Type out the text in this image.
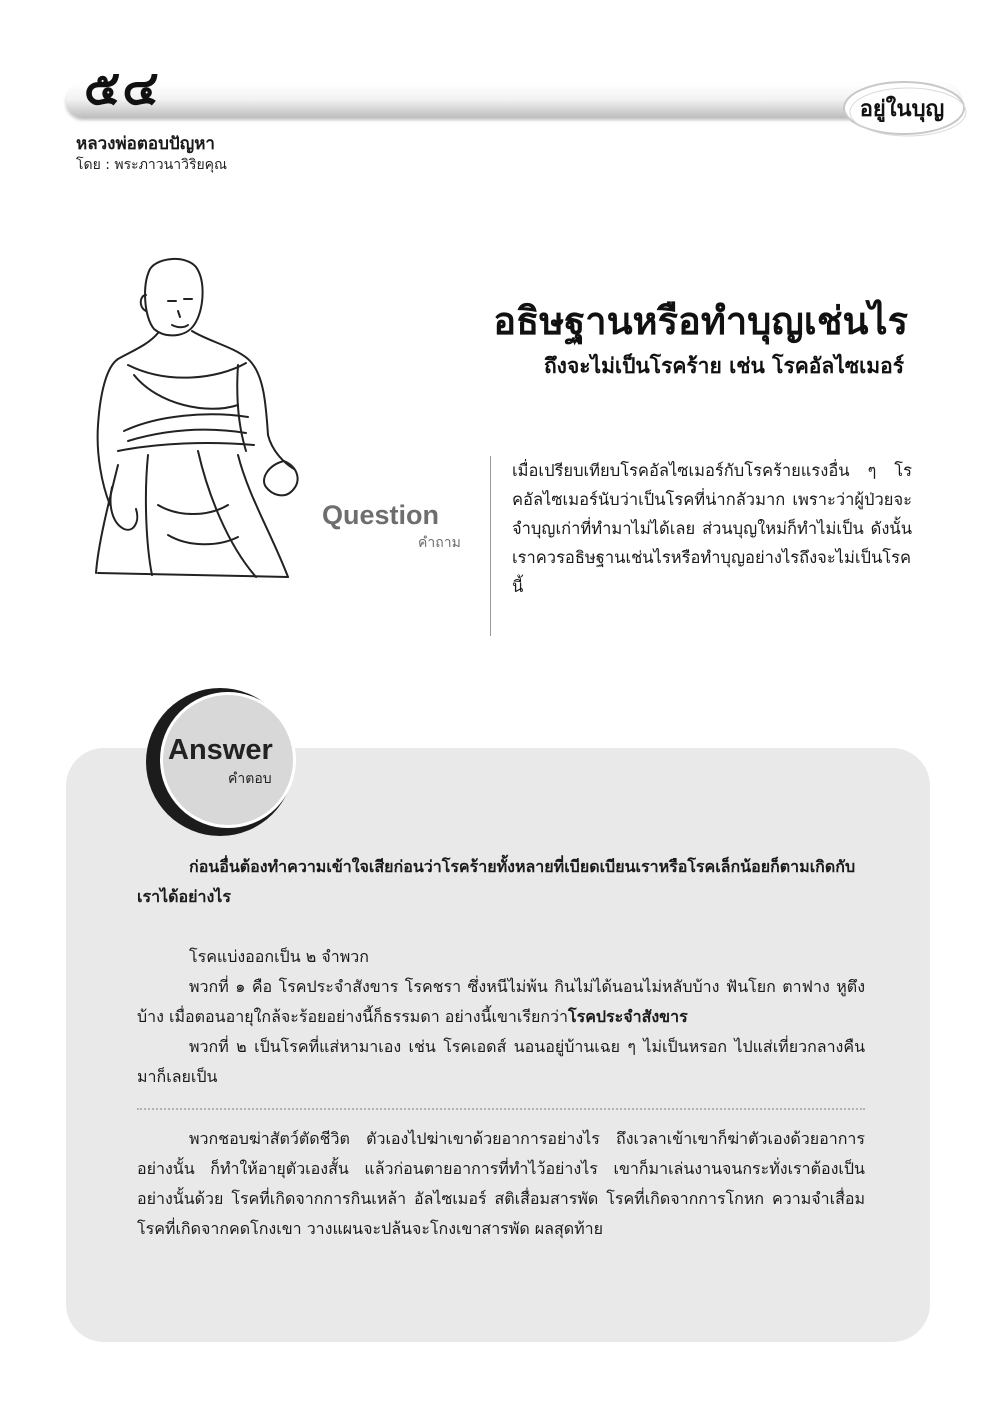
๕๔	อยู่ในบุญ
หลวงพ่อตอบปัญหา
โดย : พระภาวนาวิริยคุณ
อธิษฐานหรือทำบุญเช่นไร
ถึงจะไม่เป็นโรคร้าย เช่น โรคอัลไซเมอร์
Question
คำถาม

เมื่อเปรียบเทียบโรคอัลไซเมอร์กับโรคร้ายแรงอื่น ๆ โรคอัลไซเมอร์นับว่าเป็นโรคที่น่ากลัวมาก เพราะว่าผู้ป่วยจะจำบุญเก่าที่ทำมาไม่ได้เลย ส่วนบุญใหม่ก็ทำไม่เป็น ดังนั้นเราควรอธิษฐานเช่นไรหรือทำบุญอย่างไรถึงจะไม่เป็นโรคนี้

Answer
คำตอบ

ก่อนอื่นต้องทำความเข้าใจเสียก่อนว่าโรคร้ายทั้งหลายที่เบียดเบียนเราหรือโรคเล็กน้อยก็ตามเกิดกับเราได้อย่างไร

โรคแบ่งออกเป็น ๒ จำพวก

พวกที่ ๑ คือ โรคประจำสังขาร โรคชรา ซึ่งหนีไม่พ้น กินไม่ได้นอนไม่หลับบ้าง ฟันโยก ตาฟาง หูตึงบ้าง เมื่อตอนอายุใกล้จะร้อยอย่างนี้ก็ธรรมดา อย่างนี้เขาเรียกว่าโรคประจำสังขาร

พวกที่ ๒ เป็นโรคที่แส่หามาเอง เช่น โรคเอดส์ นอนอยู่บ้านเฉย ๆ ไม่เป็นหรอก ไปแส่เที่ยวกลางคืนมาก็เลยเป็น

พวกชอบฆ่าสัตว์ตัดชีวิต ตัวเองไปฆ่าเขาด้วยอาการอย่างไร ถึงเวลาเข้าเขาก็ฆ่าตัวเองด้วยอาการอย่างนั้น ก็ทำให้อายุตัวเองสั้น แล้วก่อนตายอาการที่ทำไว้อย่างไร เขาก็มาเล่นงานจนกระทั่งเราต้องเป็นอย่างนั้นด้วย โรคที่เกิดจากการกินเหล้า อัลไซเมอร์ สติเสื่อมสารพัด โรคที่เกิดจากการโกหก ความจำเสื่อม โรคที่เกิดจากคดโกงเขา วางแผนจะปล้นจะโกงเขาสารพัด ผลสุดท้าย
